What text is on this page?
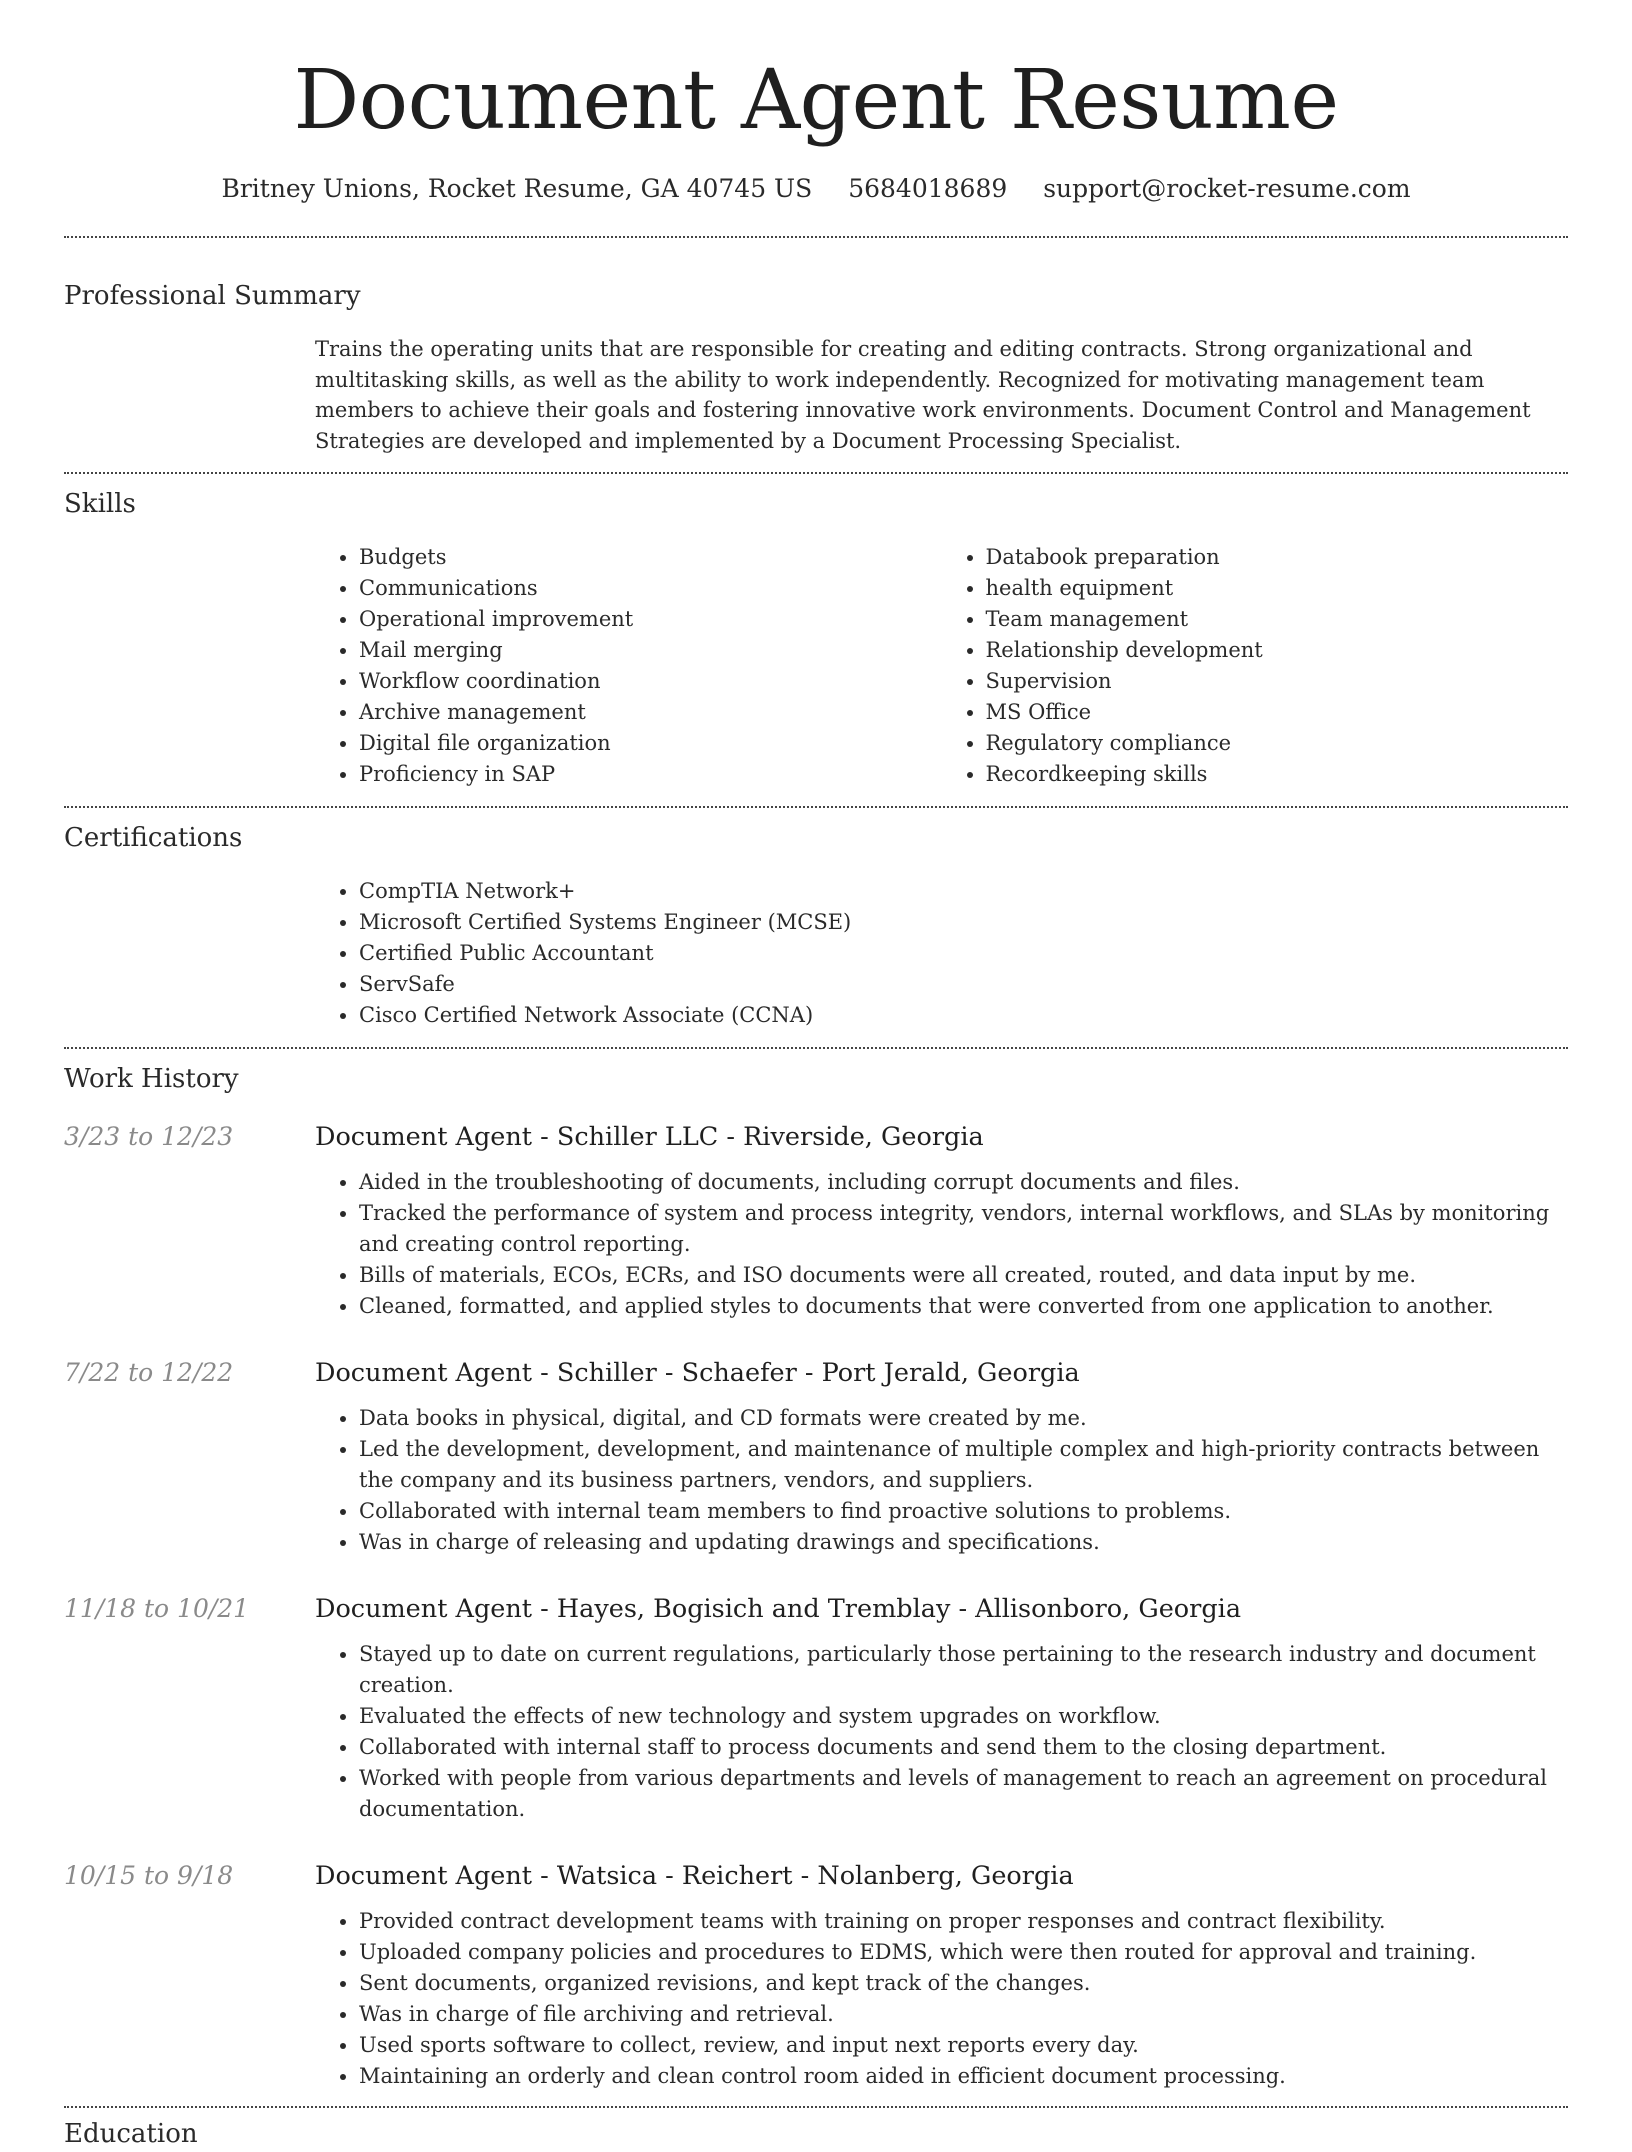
Document Agent Resume
Britney Unions, Rocket Resume, GA 40745 US 5684018689 support@rocket-resume.com
Professional Summary
Trains the operating units that are responsible for creating and editing contracts. Strong organizational and multitasking skills, as well as the ability to work independently. Recognized for motivating management team members to achieve their goals and fostering innovative work environments. Document Control and Management Strategies are developed and implemented by a Document Processing Specialist.
Skills
• Budgets
• Communications
• Operational improvement
• Mail merging
• Workflow coordination
• Archive management
• Digital file organization
• Proficiency in SAP
• Databook preparation
• health equipment
• Team management
• Relationship development
• Supervision
• MS Office
• Regulatory compliance
• Recordkeeping skills
Certifications
• CompTIA Network+
• Microsoft Certified Systems Engineer (MCSE)
• Certified Public Accountant
• ServSafe
• Cisco Certified Network Associate (CCNA)
Work History
3/23 to 12/23	Document Agent - Schiller LLC - Riverside, Georgia
• Aided in the troubleshooting of documents, including corrupt documents and files.
• Tracked the performance of system and process integrity, vendors, internal workflows, and SLAs by monitoring and creating control reporting.
• Bills of materials, ECOs, ECRs, and ISO documents were all created, routed, and data input by me.
• Cleaned, formatted, and applied styles to documents that were converted from one application to another.
7/22 to 12/22	Document Agent - Schiller - Schaefer - Port Jerald, Georgia
• Data books in physical, digital, and CD formats were created by me.
• Led the development, development, and maintenance of multiple complex and high-priority contracts between the company and its business partners, vendors, and suppliers.
• Collaborated with internal team members to find proactive solutions to problems.
• Was in charge of releasing and updating drawings and specifications.
11/18 to 10/21	Document Agent - Hayes, Bogisich and Tremblay - Allisonboro, Georgia
• Stayed up to date on current regulations, particularly those pertaining to the research industry and document creation.
• Evaluated the effects of new technology and system upgrades on workflow.
• Collaborated with internal staff to process documents and send them to the closing department.
• Worked with people from various departments and levels of management to reach an agreement on procedural documentation.
10/15 to 9/18	Document Agent - Watsica - Reichert - Nolanberg, Georgia
• Provided contract development teams with training on proper responses and contract flexibility.
• Uploaded company policies and procedures to EDMS, which were then routed for approval and training.
• Sent documents, organized revisions, and kept track of the changes.
• Was in charge of file archiving and retrieval.
• Used sports software to collect, review, and input next reports every day.
• Maintaining an orderly and clean control room aided in efficient document processing.
Education
